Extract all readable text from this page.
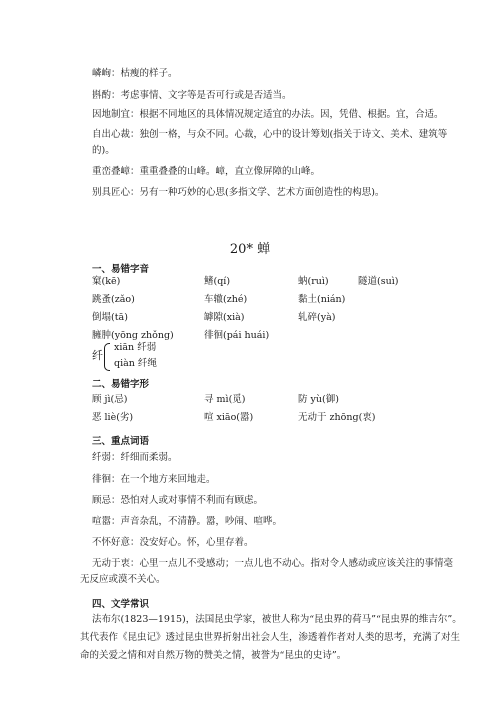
嶙峋：枯瘦的样子。
斟酌：考虑事情、文字等是否可行或是否适当。
因地制宜：根据不同地区的具体情况规定适宜的办法。因，凭借、根据。宜，合适。
自出心裁：独创一格，与众不同。心裁，心中的设计筹划(指关于诗文、美术、建筑等
的)。
重峦叠嶂：重重叠叠的山峰。嶂，直立像屏障的山峰。
别具匠心：另有一种巧妙的心思(多指文学、艺术方面创造性的构思)。
20* 蝉
一、易错字音
窠(kē)	鳍(qí)	蚋(ruì)	隧道(suì)
跳蚤(zǎo)	车辙(zhé)	黏土(nián)
倒塌(tā)	罅隙(xià)	轧碎(yà)
臃肿(yōng zhǒng)	徘徊(pái huái)
纤
xiān 纤弱
qiàn 纤绳
二、易错字形
顾 jì(忌)	寻 mì(觅)	防 yù(御)
恶 liè(劣)	喧 xiāo(嚣)	无动于 zhōng(衷)
三、重点词语
纤弱：纤细而柔弱。
徘徊：在一个地方来回地走。
顾忌：恐怕对人或对事情不利而有顾虑。
喧嚣：声音杂乱，不清静。嚣，吵闹、喧哗。
不怀好意：没安好心。怀，心里存着。
无动于衷：心里一点儿不受感动；一点儿也不动心。指对令人感动或应该关注的事情毫
无反应或漠不关心。
四、文学常识
法布尔(1823—1915)，法国昆虫学家，被世人称为“昆虫界的荷马”“昆虫界的维吉尔”。
其代表作《昆虫记》透过昆虫世界折射出社会人生，渗透着作者对人类的思考，充满了对生
命的关爱之情和对自然万物的赞美之情，被誉为“昆虫的史诗”。
